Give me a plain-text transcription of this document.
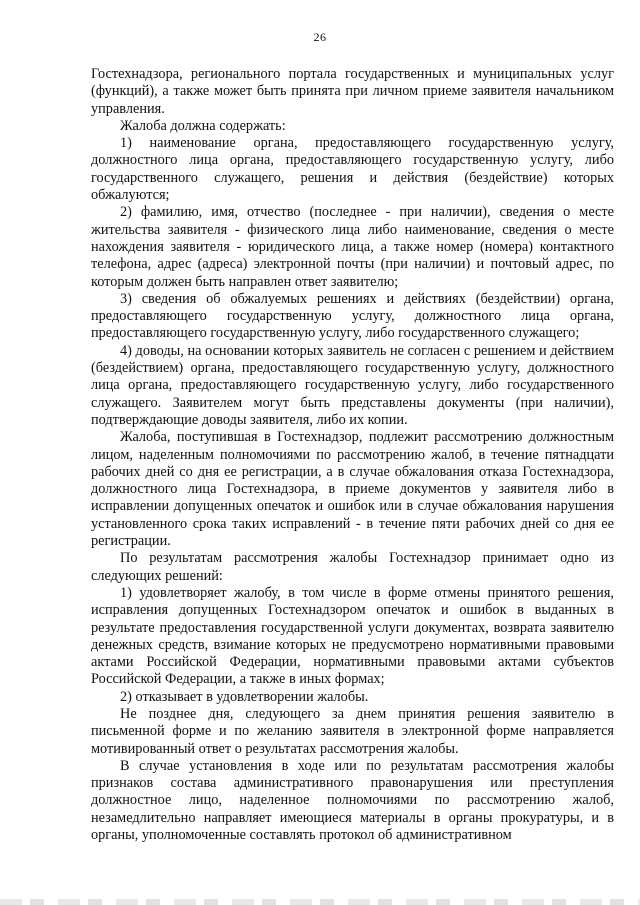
26

Гостехнадзора, регионального портала государственных и муниципальных услуг (функций), а также может быть принята при личном приеме заявителя начальником управления.

Жалоба должна содержать:

1) наименование органа, предоставляющего государственную услугу, должностного лица органа, предоставляющего государственную услугу, либо государственного служащего, решения и действия (бездействие) которых обжалуются;

2) фамилию, имя, отчество (последнее - при наличии), сведения о месте жительства заявителя - физического лица либо наименование, сведения о месте нахождения заявителя - юридического лица, а также номер (номера) контактного телефона, адрес (адреса) электронной почты (при наличии) и почтовый адрес, по которым должен быть направлен ответ заявителю;

3) сведения об обжалуемых решениях и действиях (бездействии) органа, предоставляющего государственную услугу, должностного лица органа, предоставляющего государственную услугу, либо государственного служащего;

4) доводы, на основании которых заявитель не согласен с решением и действием (бездействием) органа, предоставляющего государственную услугу, должностного лица органа, предоставляющего государственную услугу, либо государственного служащего. Заявителем могут быть представлены документы (при наличии), подтверждающие доводы заявителя, либо их копии.

Жалоба, поступившая в Гостехнадзор, подлежит рассмотрению должностным лицом, наделенным полномочиями по рассмотрению жалоб, в течение пятнадцати рабочих дней со дня ее регистрации, а в случае обжалования отказа Гостехнадзора, должностного лица Гостехнадзора, в приеме документов у заявителя либо в исправлении допущенных опечаток и ошибок или в случае обжалования нарушения установленного срока таких исправлений - в течение пяти рабочих дней со дня ее регистрации.

По результатам рассмотрения жалобы Гостехнадзор принимает одно из следующих решений:

1) удовлетворяет жалобу, в том числе в форме отмены принятого решения, исправления допущенных Гостехнадзором опечаток и ошибок в выданных в результате предоставления государственной услуги документах, возврата заявителю денежных средств, взимание которых не предусмотрено нормативными правовыми актами Российской Федерации, нормативными правовыми актами субъектов Российской Федерации, а также в иных формах;

2) отказывает в удовлетворении жалобы.

Не позднее дня, следующего за днем принятия решения заявителю в письменной форме и по желанию заявителя в электронной форме направляется мотивированный ответ о результатах рассмотрения жалобы.

В случае установления в ходе или по результатам рассмотрения жалобы признаков состава административного правонарушения или преступления должностное лицо, наделенное полномочиями по рассмотрению жалоб, незамедлительно направляет имеющиеся материалы в органы прокуратуры, и в органы, уполномоченные составлять протокол об административном
